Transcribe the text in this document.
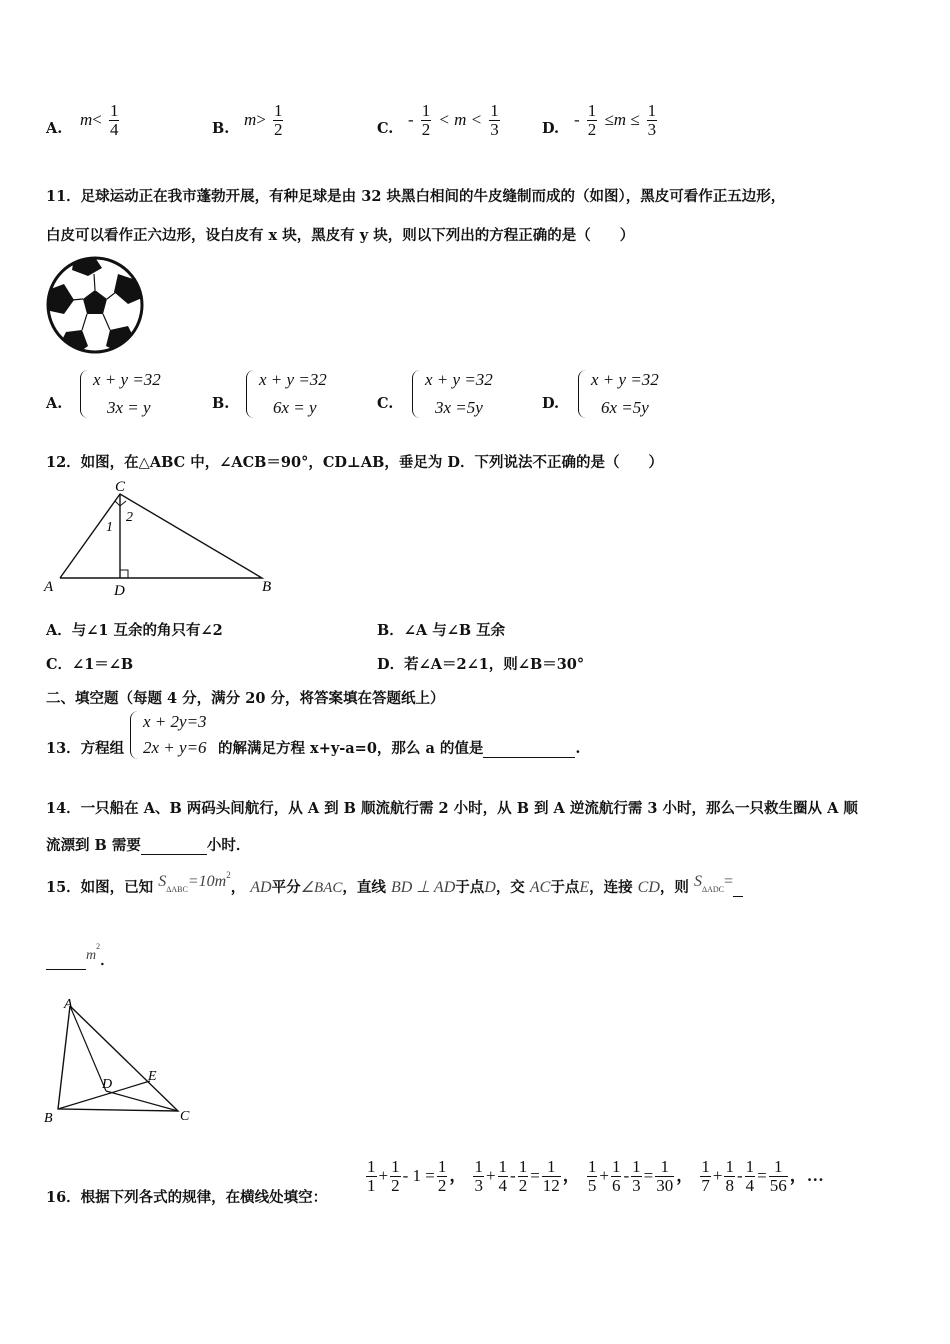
A. $m< \frac{1}{4}$	B. $m> \frac{1}{2}$	C. - $\frac{1}{2} < m < \frac{1}{3}$	D. - $\frac{1}{2} \le m \le \frac{1}{3}$
11．足球运动正在我市蓬勃开展，有种足球是由 32 块黑白相间的牛皮缝制而成的（如图），黑皮可看作正五边形，
白皮可以看作正六边形，设白皮有 x 块，黑皮有 y 块，则以下列出的方程正确的是（　　）
A.
x + y =32
3x = y	B.
x + y =32
6x = y	C.
x + y =32
3x =5y	D.
x + y =32
6x =5y
12．如图，在△ABC 中，∠ACB＝90°，CD⊥AB，垂足为 D．下列说法不正确的是（　　）
C
A	B
D
1
2
A．与∠1 互余的角只有∠2	B．∠A 与∠B 互余
C．∠1＝∠B	D．若∠A＝2∠1，则∠B＝30°
二、填空题（每题 4 分，满分 20 分，将答案填在答题纸上）
13．方程组
x + 2y=3
2x + y=6 的解满足方程 x+y-a=0，那么 a 的值是	.
14．一只船在 A、B 两码头间航行，从 A 到 B 顺流航行需 2 小时，从 B 到 A 逆流航行需 3 小时，那么一只救生圈从 A 顺
流漂到 B 需要	小时．
15．如图，已知 $S\Delta ABC=10m^2$， AD平分∠BAC，直线 BD ⊥ AD于点D，交 AC于点E，连接 CD，则 SΔADC=
$m^2$．
A
B	C
D
E
16．根据下列各式的规律，在横线处填空：
$\frac{1}{1} + \frac{1}{2} - 1 = \frac{1}{2}$ ， $\frac{1}{3} + \frac{1}{4} - \frac{1}{2} = \frac{1}{12}$ ， $\frac{1}{5} + \frac{1}{6} - \frac{1}{3} = \frac{1}{30}$ ， $\frac{1}{7} + \frac{1}{8} - \frac{1}{4} = \frac{1}{56}$ ，…
